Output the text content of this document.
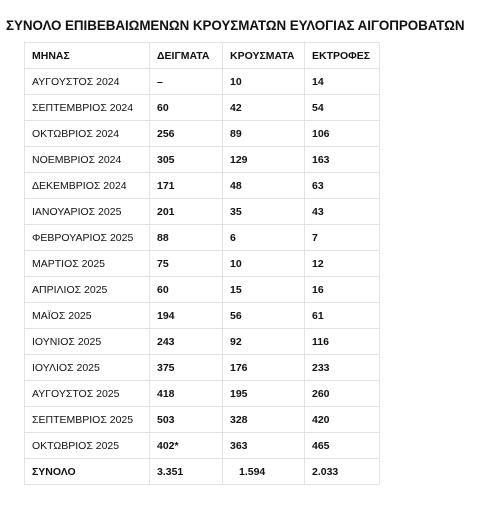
ΣΥΝΟΛΟ ΕΠΙΒΕΒΑΙΩΜΕΝΩΝ ΚΡΟΥΣΜΑΤΩΝ ΕΥΛΟΓΙΑΣ ΑΙΓΟΠΡΟΒΑΤΩΝ
ΜΗΝΑΣ	ΔΕΙΓΜΑΤΑ	ΚΡΟΥΣΜΑΤΑ	ΕΚΤΡΟΦΕΣ
ΑΥΓΟΥΣΤΟΣ 2024	–	10	14
ΣΕΠΤΕΜΒΡΙΟΣ 2024	60	42	54
ΟΚΤΩΒΡΙΟΣ 2024	256	89	106
ΝΟΕΜΒΡΙΟΣ 2024	305	129	163
ΔΕΚΕΜΒΡΙΟΣ 2024	171	48	63
ΙΑΝΟΥΑΡΙΟΣ 2025	201	35	43
ΦΕΒΡΟΥΑΡΙΟΣ 2025	88	6	7
ΜΑΡΤΙΟΣ 2025	75	10	12
ΑΠΡΙΛΙΟΣ 2025	60	15	16
ΜΑΪΟΣ 2025	194	56	61
ΙΟΥΝΙΟΣ 2025	243	92	116
ΙΟΥΛΙΟΣ 2025	375	176	233
ΑΥΓΟΥΣΤΟΣ 2025	418	195	260
ΣΕΠΤΕΜΒΡΙΟΣ 2025	503	328	420
ΟΚΤΩΒΡΙΟΣ 2025	402*	363	465
ΣΥΝΟΛΟ	3.351	1.594	2.033
